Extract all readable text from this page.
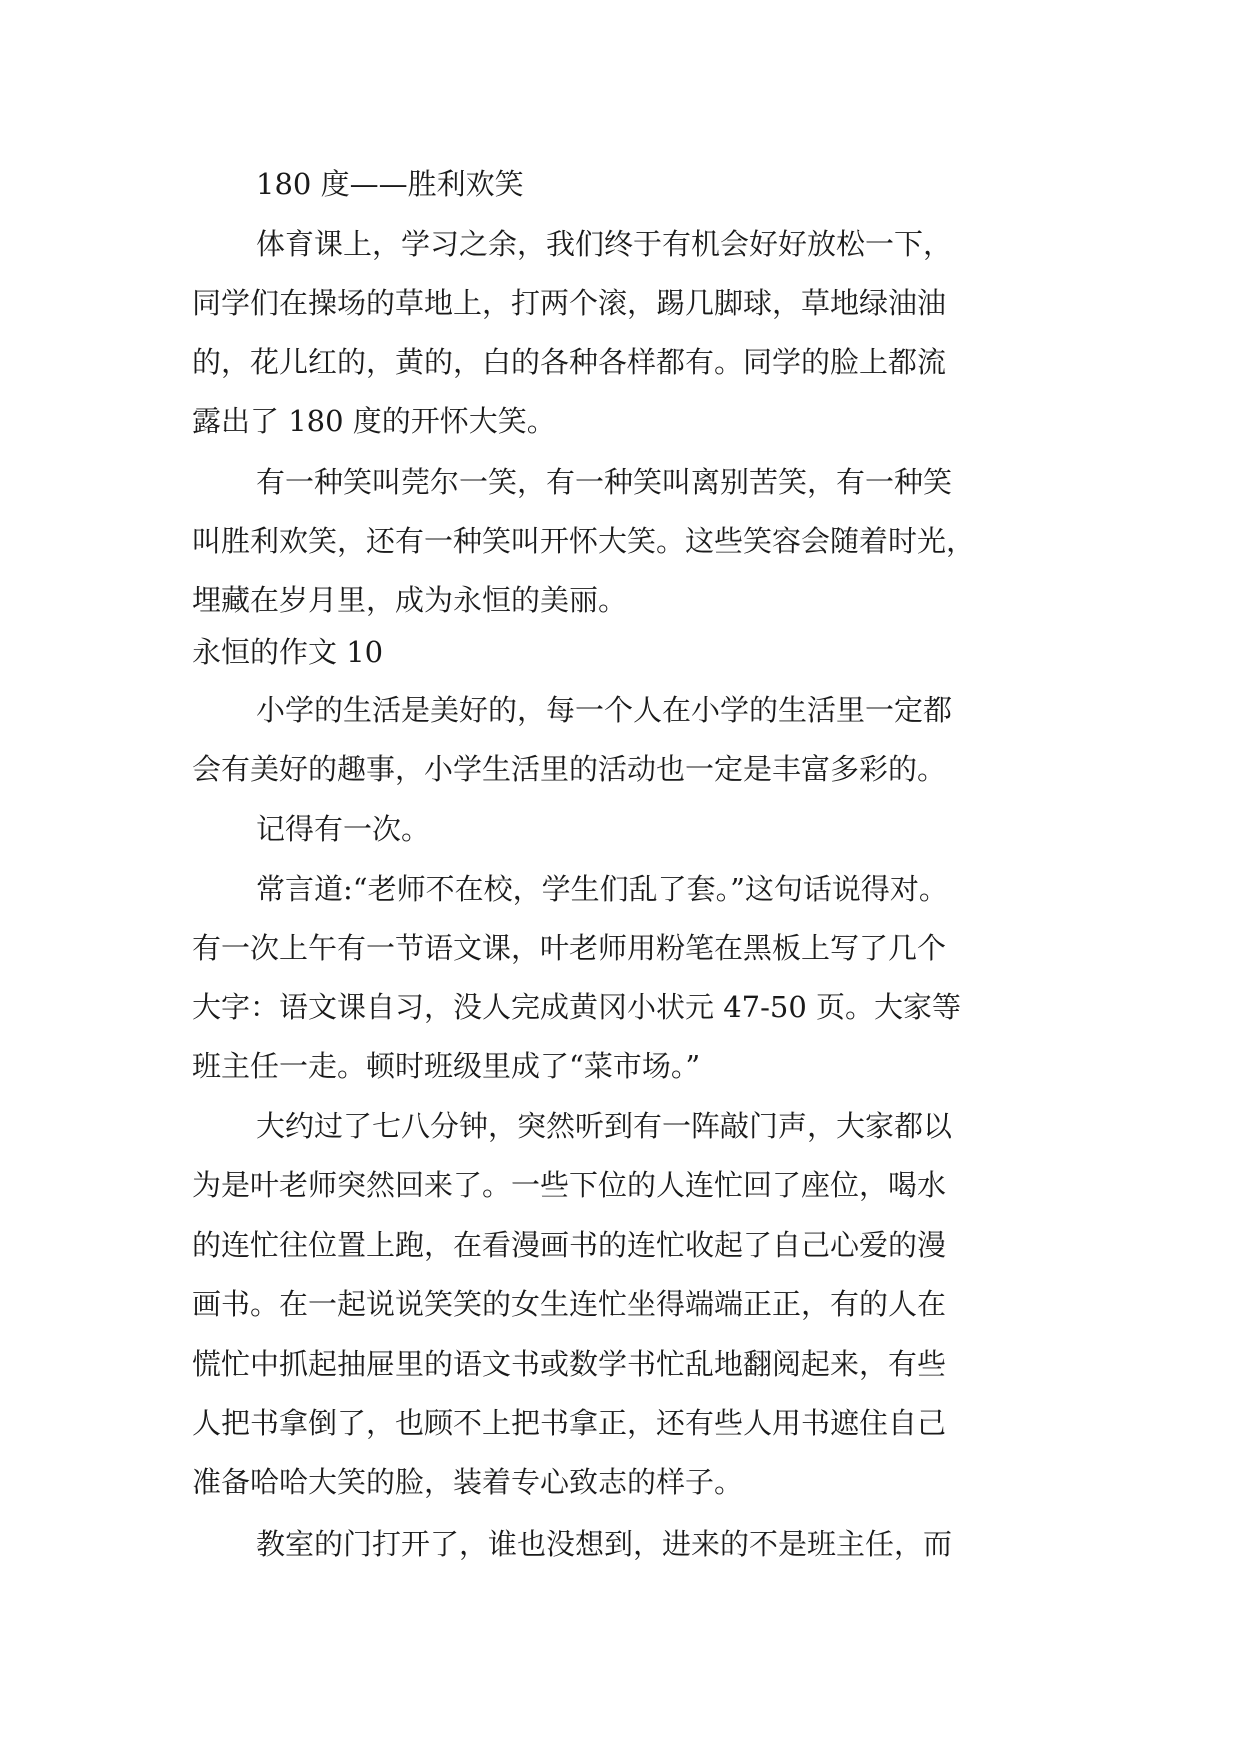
180 度——胜利欢笑

体育课上，学习之余，我们终于有机会好好放松一下，

同学们在操场的草地上，打两个滚，踢几脚球，草地绿油油

的，花儿红的，黄的，白的各种各样都有。同学的脸上都流

露出了 180 度的开怀大笑。

有一种笑叫莞尔一笑，有一种笑叫离别苦笑，有一种笑

叫胜利欢笑，还有一种笑叫开怀大笑。这些笑容会随着时光，

埋藏在岁月里，成为永恒的美丽。

永恒的作文 10

小学的生活是美好的，每一个人在小学的生活里一定都

会有美好的趣事，小学生活里的活动也一定是丰富多彩的。

记得有一次。

常言道:“老师不在校，学生们乱了套。”这句话说得对。

有一次上午有一节语文课，叶老师用粉笔在黑板上写了几个

大字：语文课自习，没人完成黄冈小状元 47-50 页。大家等

班主任一走。顿时班级里成了“菜市场。”

大约过了七八分钟，突然听到有一阵敲门声，大家都以

为是叶老师突然回来了。一些下位的人连忙回了座位，喝水

的连忙往位置上跑，在看漫画书的连忙收起了自己心爱的漫

画书。在一起说说笑笑的女生连忙坐得端端正正，有的人在

慌忙中抓起抽屉里的语文书或数学书忙乱地翻阅起来，有些

人把书拿倒了，也顾不上把书拿正，还有些人用书遮住自己

准备哈哈大笑的脸，装着专心致志的样子。

教室的门打开了，谁也没想到，进来的不是班主任，而
